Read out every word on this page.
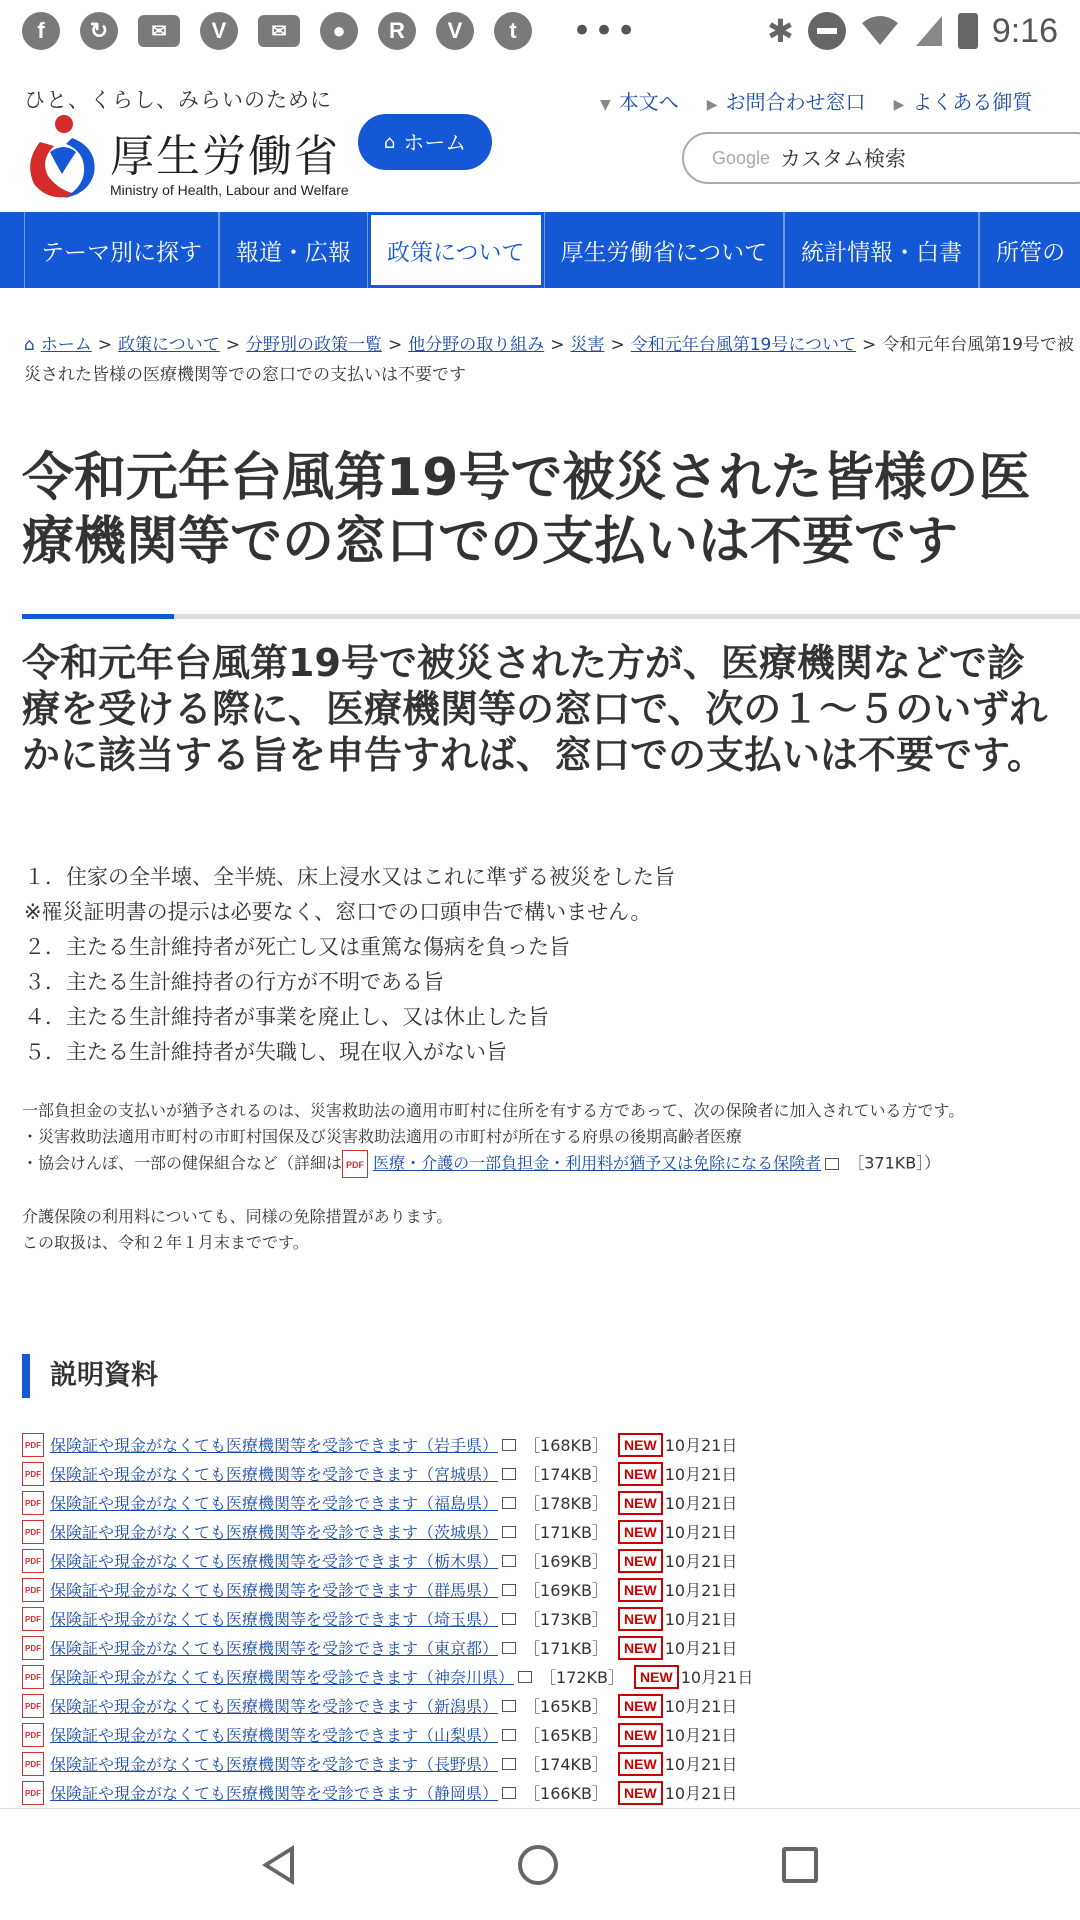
f	↻	✉	V	✉	●	R	V	t	•••	✱	9:16
ひと、くらし、みらいのために
厚生労働省
Ministry of Health, Labour and Welfare
⌂ ホーム
▼ 本文へ ▶ お問合わせ窓口 ▶ よくある御質
Google カスタム検索
テーマ別に探す	報道・広報	政策について	厚生労働省について	統計情報・白書	所管の
⌂ ホーム > 政策について > 分野別の政策一覧 > 他分野の取り組み > 災害 > 令和元年台風第19号について > 令和元年台風第19号で被災された皆様の医療機関等での窓口での支払いは不要です
令和元年台風第19号で被災された皆様の医療機関等での窓口での支払いは不要です
令和元年台風第19号で被災された方が、医療機関などで診療を受ける際に、医療機関等の窓口で、次の１～５のいずれかに該当する旨を申告すれば、窓口での支払いは不要です。
１．住家の全半壊、全半焼、床上浸水又はこれに準ずる被災をした旨
※罹災証明書の提示は必要なく、窓口での口頭申告で構いません。
２．主たる生計維持者が死亡し又は重篤な傷病を負った旨
３．主たる生計維持者の行方が不明である旨
４．主たる生計維持者が事業を廃止し、又は休止した旨
５．主たる生計維持者が失職し、現在収入がない旨

一部負担金の支払いが猶予されるのは、災害救助法の適用市町村に住所を有する方であって、次の保険者に加入されている方です。

・災害救助法適用市町村の市町村国保及び災害救助法適用の市町村が所在する府県の後期高齢者医療

・協会けんぽ、一部の健保組合など（詳細は PDF 医療・介護の一部負担金・利用料が猶予又は免除になる保険者 ［371KB］）

介護保険の利用料についても、同様の免除措置があります。

この取扱は、令和２年１月末までです。

説明資料
PDF 保険証や現金がなくても医療機関等を受診できます（岩手県） ［168KB］	NEW 10月21日
PDF 保険証や現金がなくても医療機関等を受診できます（宮城県） ［174KB］	NEW 10月21日
PDF 保険証や現金がなくても医療機関等を受診できます（福島県） ［178KB］	NEW 10月21日
PDF 保険証や現金がなくても医療機関等を受診できます（茨城県） ［171KB］	NEW 10月21日
PDF 保険証や現金がなくても医療機関等を受診できます（栃木県） ［169KB］	NEW 10月21日
PDF 保険証や現金がなくても医療機関等を受診できます（群馬県） ［169KB］	NEW 10月21日
PDF 保険証や現金がなくても医療機関等を受診できます（埼玉県） ［173KB］	NEW 10月21日
PDF 保険証や現金がなくても医療機関等を受診できます（東京都） ［171KB］	NEW 10月21日
PDF 保険証や現金がなくても医療機関等を受診できます（神奈川県） ［172KB］	NEW 10月21日
PDF 保険証や現金がなくても医療機関等を受診できます（新潟県） ［165KB］	NEW 10月21日
PDF 保険証や現金がなくても医療機関等を受診できます（山梨県） ［165KB］	NEW 10月21日
PDF 保険証や現金がなくても医療機関等を受診できます（長野県） ［174KB］	NEW 10月21日
PDF 保険証や現金がなくても医療機関等を受診できます（静岡県） ［166KB］	NEW 10月21日
